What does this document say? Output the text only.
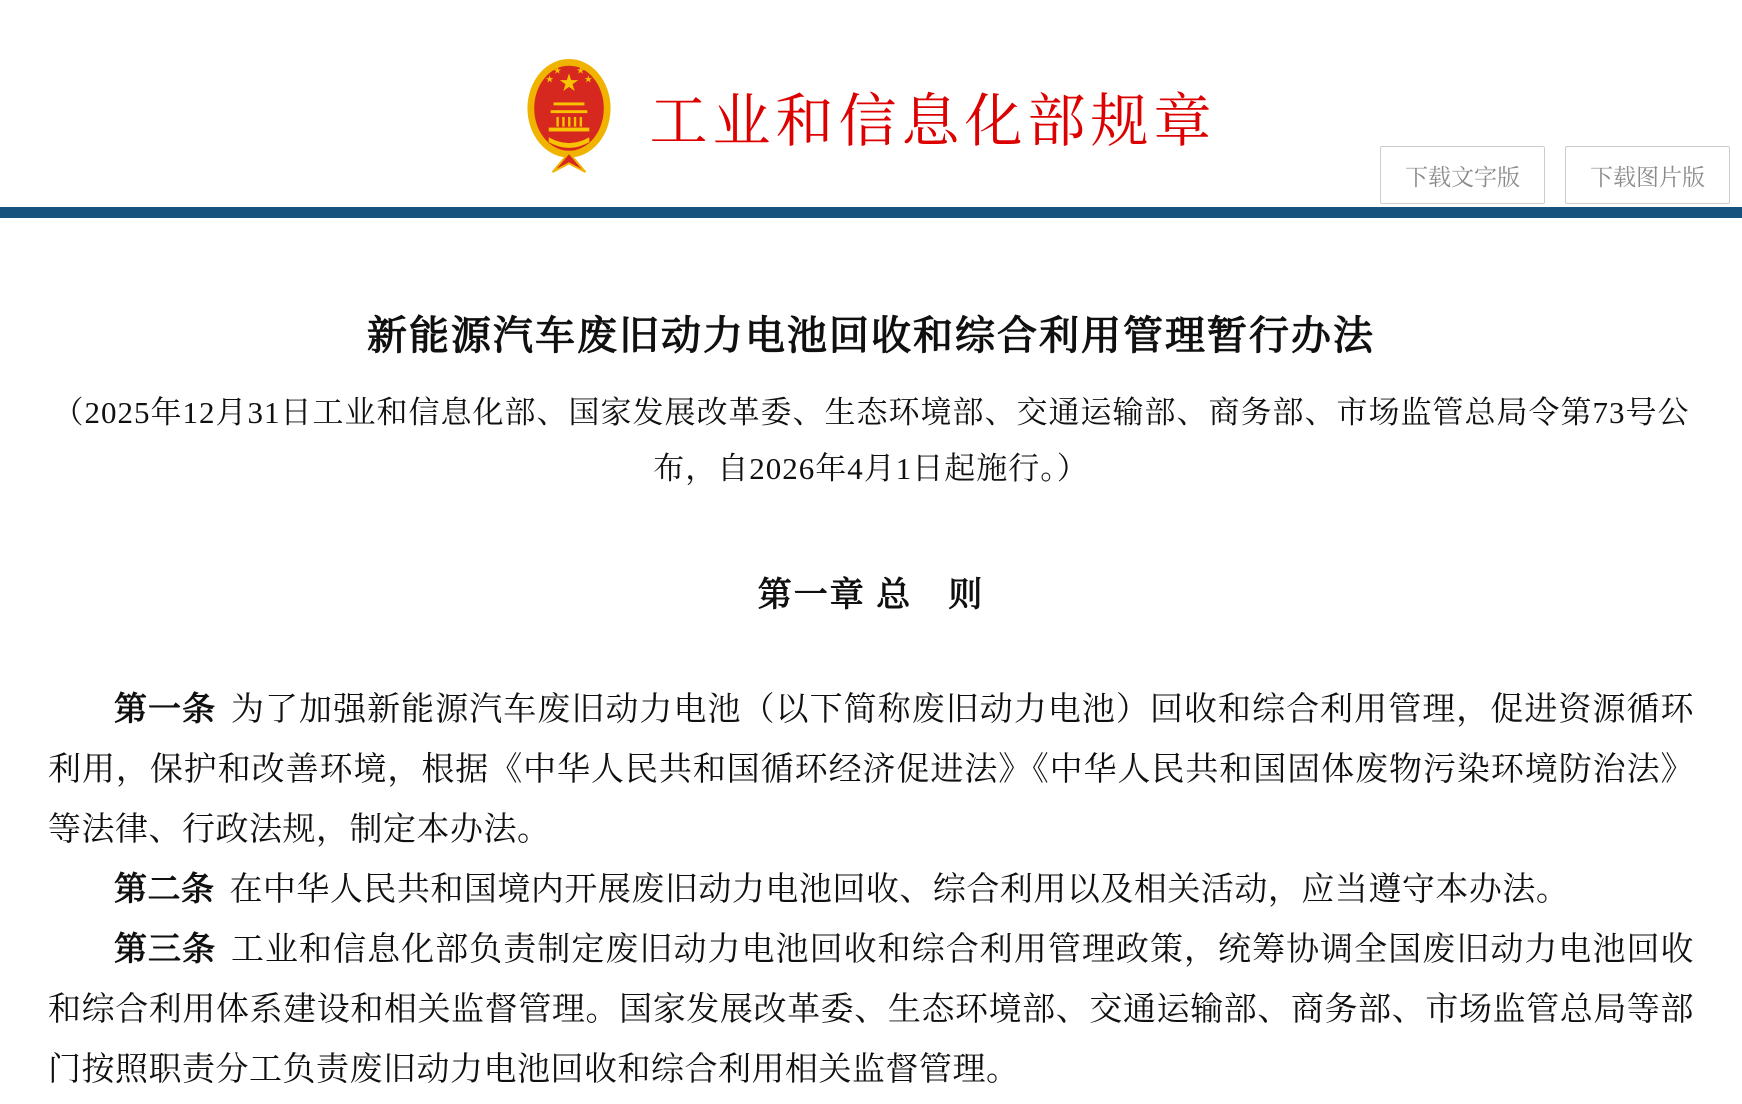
工业和信息化部规章
下载文字版	下载图片版
新能源汽车废旧动力电池回收和综合利用管理暂行办法

（2025年12月31日工业和信息化部、国家发展改革委、生态环境部、交通运输部、商务部、市场监管总局令第73号公布，自2026年4月1日起施行。）

第一章 总　则

第一条 为了加强新能源汽车废旧动力电池（以下简称废旧动力电池）回收和综合利用管理，促进资源循环利用，保护和改善环境，根据《中华人民共和国循环经济促进法》《中华人民共和国固体废物污染环境防治法》等法律、行政法规，制定本办法。

第二条 在中华人民共和国境内开展废旧动力电池回收、综合利用以及相关活动，应当遵守本办法。

第三条 工业和信息化部负责制定废旧动力电池回收和综合利用管理政策，统筹协调全国废旧动力电池回收和综合利用体系建设和相关监督管理。国家发展改革委、生态环境部、交通运输部、商务部、市场监管总局等部门按照职责分工负责废旧动力电池回收和综合利用相关监督管理。
